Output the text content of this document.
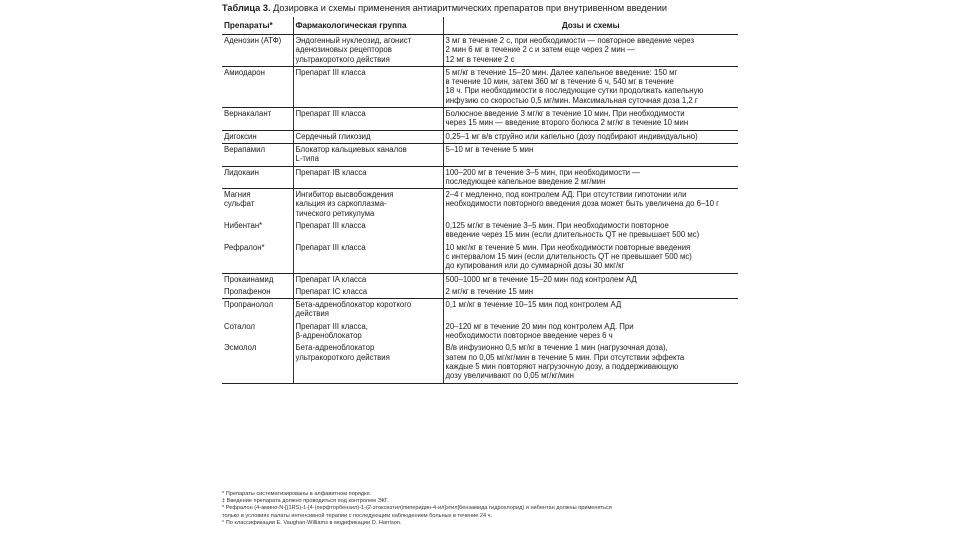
Таблица 3. Дозировка и схемы применения антиаритмических препаратов при внутривенном введении
Препараты*	Фармакологическая группа	Дозы и схемы

Аденозин (АТФ)	Эндогенный нуклеозид, агонист
аденозиновых рецепторов
ультракороткого действия	3 мг в течение 2 с, при необходимости — повторное введение через
2 мин 6 мг в течение 2 с и затем еще через 2 мин —
12 мг в течение 2 с

Амиодарон	Препарат III класса	5 мг/кг в течение 15–20 мин. Далее капельное введение: 150 мг
в течение 10 мин, затем 360 мг в течение 6 ч, 540 мг в течение
18 ч. При необходимости в последующие сутки продолжать капельную
инфузию со скоростью 0,5 мг/мин. Максимальная суточная доза 1,2 г

Вернакалант	Препарат III класса	Болюсное введение 3 мг/кг в течение 10 мин. При необходимости
через 15 мин — введение второго болюса 2 мг/кг в течение 10 мин

Дигоксин	Сердечный гликозид	0,25–1 мг в/в струйно или капельно (дозу подбирают индивидуально)

Верапамил	Блокатор кальциевых каналов
L-типа	5–10 мг в течение 5 мин

Лидокаин	Препарат IB класса	100–200 мг в течение 3–5 мин, при необходимости —
последующее капельное введение 2 мг/мин

Магния
сульфат	Ингибитор высвобождения
кальция из саркоплазма-
тического ретикулума	2–4 г медленно, под контролем АД. При отсутствии гипотонии или
необходимости повторного введения доза может быть увеличена до 6–10 г

Нибентан*	Препарат III класса	0,125 мг/кг в течение 3–5 мин. При необходимости повторное
введение через 15 мин (если длительность QT не превышает 500 мс)

Рефралон*	Препарат III класса	10 мкг/кг в течение 5 мин. При необходимости повторные введения
с интервалом 15 мин (если длительность QT не превышает 500 мс)
до купирования или до суммарной дозы 30 мкг/кг

Прокаинамид	Препарат IA класса	500–1000 мг в течение 15–20 мин под контролем АД

Пропафенон	Препарат IC класса	2 мг/кг в течение 15 мин

Пропранолол	Бета-адреноблокатор короткого
действия	0,1 мг/кг в течение 10–15 мин под контролем АД

Соталол	Препарат III класса,
β-адреноблокатор	20–120 мг в течение 20 мин под контролем АД. При
необходимости повторное введение через 6 ч

Эсмолол	Бета-адреноблокатор
ультракороткого действия	В/в инфузионно 0,5 мг/кг в течение 1 мин (нагрузочная доза),
затем по 0,05 мг/кг/мин в течение 5 мин. При отсутствии эффекта
каждые 5 мин повторяют нагрузочную дозу, а поддерживающую
дозу увеличивают по 0,05 мг/кг/мин
* Препараты систематизированы в алфавитном порядке.
‡ Введение препарата должно проводиться под контролем ЭКГ.
* Рефралон (4-амино-N-[(1RS)-1-[4-(перфторбензил)-1-(2-этоксиэтил)пиперидин-4-ил]этил]бензамида гидрохлорид) и нибентан должны применяться
только в условиях палаты интенсивной терапии с последующим наблюдением больных в течение 24 ч.
° По классификации Е. Vaughan-Williams в модификации D. Harrison.
